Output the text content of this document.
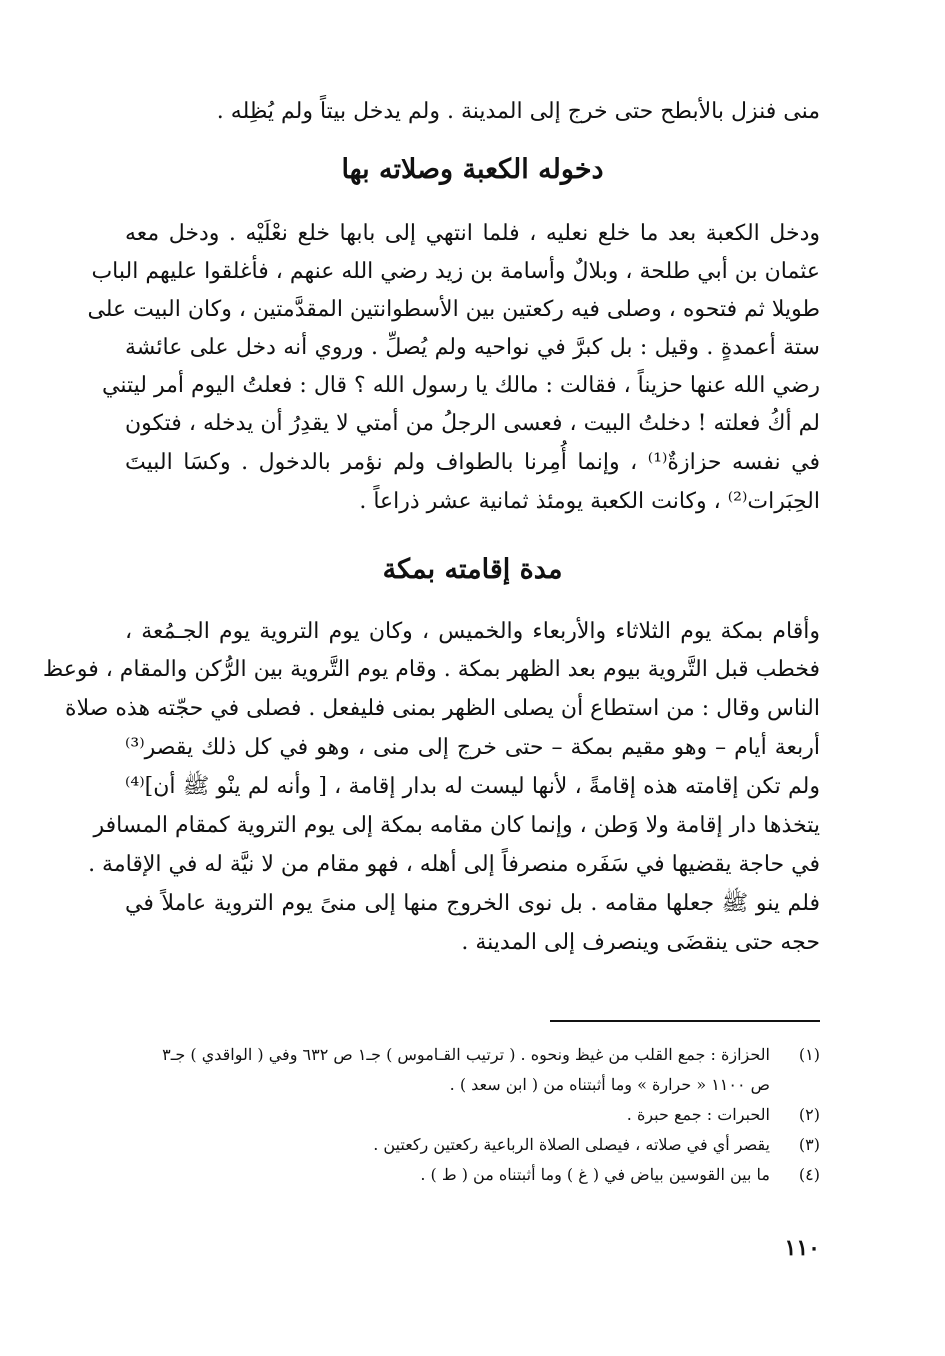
منى فنزل بالأبطح حتى خرج إلى المدينة . ولم يدخل بيتاً ولم يُظِله .
دخوله الكعبة وصلاته بها
ودخل الكعبة بعد ما خلع نعليه ، فلما انتهي إلى بابها خلع نعْلَيْه . ودخل معه
عثمان بن أبي طلحة ، وبلالٌ وأسامة بن زيد رضي الله عنهم ، فأغلقوا عليهم الباب
طويلا ثم فتحوه ، وصلى فيه ركعتين بين الأسطوانتين المقدَّمتين ، وكان البيت على
ستة أعمدةٍ . وقيل : بل كبرَّ في نواحيه ولم يُصلِّ . وروي أنه دخل على عائشة
رضي الله عنها حزيناً ، فقالت : مالك يا رسول الله ؟ قال : فعلتُ اليوم أمر ليتني
لم أكُ فعلته ! دخلتُ البيت ، فعسى الرجلُ من أمتي لا يقدِرُ أن يدخله ، فتكون
في نفسه حزازةٌ⁽¹⁾ ، وإنما أُمِرنا بالطواف ولم نؤمر بالدخول . وكسَا البيتَ
الحِبَرات⁽²⁾ ، وكانت الكعبة يومئذ ثمانية عشر ذراعاً .
مدة إقامته بمكة
وأقام بمكة يوم الثلاثاء والأربعاء والخميس ، وكان يوم التروية يوم الجـمُعة ،
فخطب قبل التَّروية بيوم بعد الظهر بمكة . وقام يوم التَّروية بين الرُّكن والمقام ، فوعظ
الناس وقال : من استطاع أن يصلى الظهر بمنى فليفعل . فصلى في حجّته هذه صلاة
أربعة أيام – وهو مقيم بمكة – حتى خرج إلى منى ، وهو في كل ذلك يقصر⁽³⁾
ولم تكن إقامته هذه إقامةً ، لأنها ليست له بدار إقامة ، [ وأنه لم ينْو ﷺ أن]⁽⁴⁾
يتخذها دار إقامة ولا وَطن ، وإنما كان مقامه بمكة إلى يوم التروية كمقام المسافر
في حاجة يقضيها في سَفَره منصرفاً إلى أهله ، فهو مقام من لا نيَّة له في الإقامة .
فلم ينو ﷺ جعلها مقامه . بل نوى الخروج منها إلى منىً يوم التروية عاملاً في
حجه حتى ينقضَى وينصرف إلى المدينة .
(١)الحزازة : جمع القلب من غيظ ونحوه . ( ترتيب القـاموس ) جـ١ ص ٦٣٢ وفي ( الواقدي ) جـ٣
ص ١١٠٠ « حرارة » وما أثبتناه من ( ابن سعد ) .
(٢)الحبرات : جمع حبرة .
(٣)يقصر أي في صلاته ، فيصلى الصلاة الرباعية ركعتين ركعتين .
(٤)ما بين القوسين بياض في ( غ ) وما أثبتناه من ( ط ) .
١١٠
